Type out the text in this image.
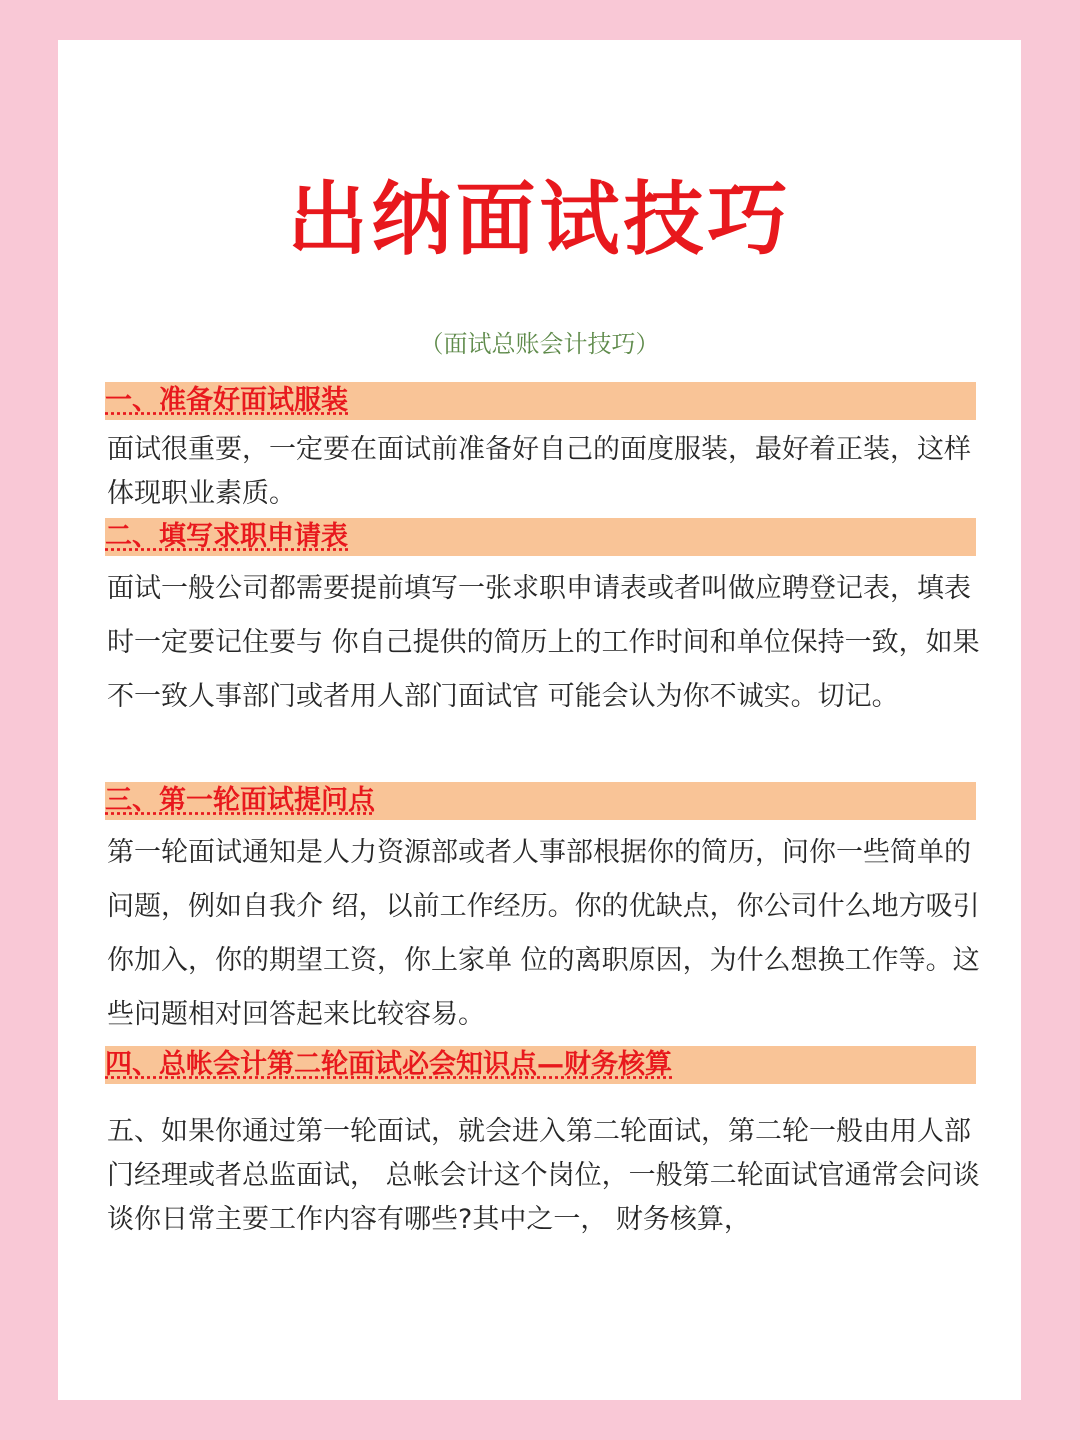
出纳面试技巧
（面试总账会计技巧）
一、准备好面试服装

面试很重要，一定要在面试前准备好自己的面度服装，最好着正装，这样体现职业素质。

二、填写求职申请表

面试一般公司都需要提前填写一张求职申请表或者叫做应聘登记表，填表时一定要记住要与 你自己提供的简历上的工作时间和单位保持一致，如果不一致人事部门或者用人部门面试官 可能会认为你不诚实。切记。

三、第一轮面试提问点

第一轮面试通知是人力资源部或者人事部根据你的简历，问你一些简单的问题，例如自我介 绍，以前工作经历。你的优缺点，你公司什么地方吸引你加入，你的期望工资，你上家单 位的离职原因，为什么想换工作等。这些问题相对回答起来比较容易。

四、总帐会计第二轮面试必会知识点—财务核算

五、如果你通过第一轮面试，就会进入第二轮面试，第二轮一般由用人部门经理或者总监面试， 总帐会计这个岗位，一般第二轮面试官通常会问谈谈你日常主要工作内容有哪些?其中之一， 财务核算，
